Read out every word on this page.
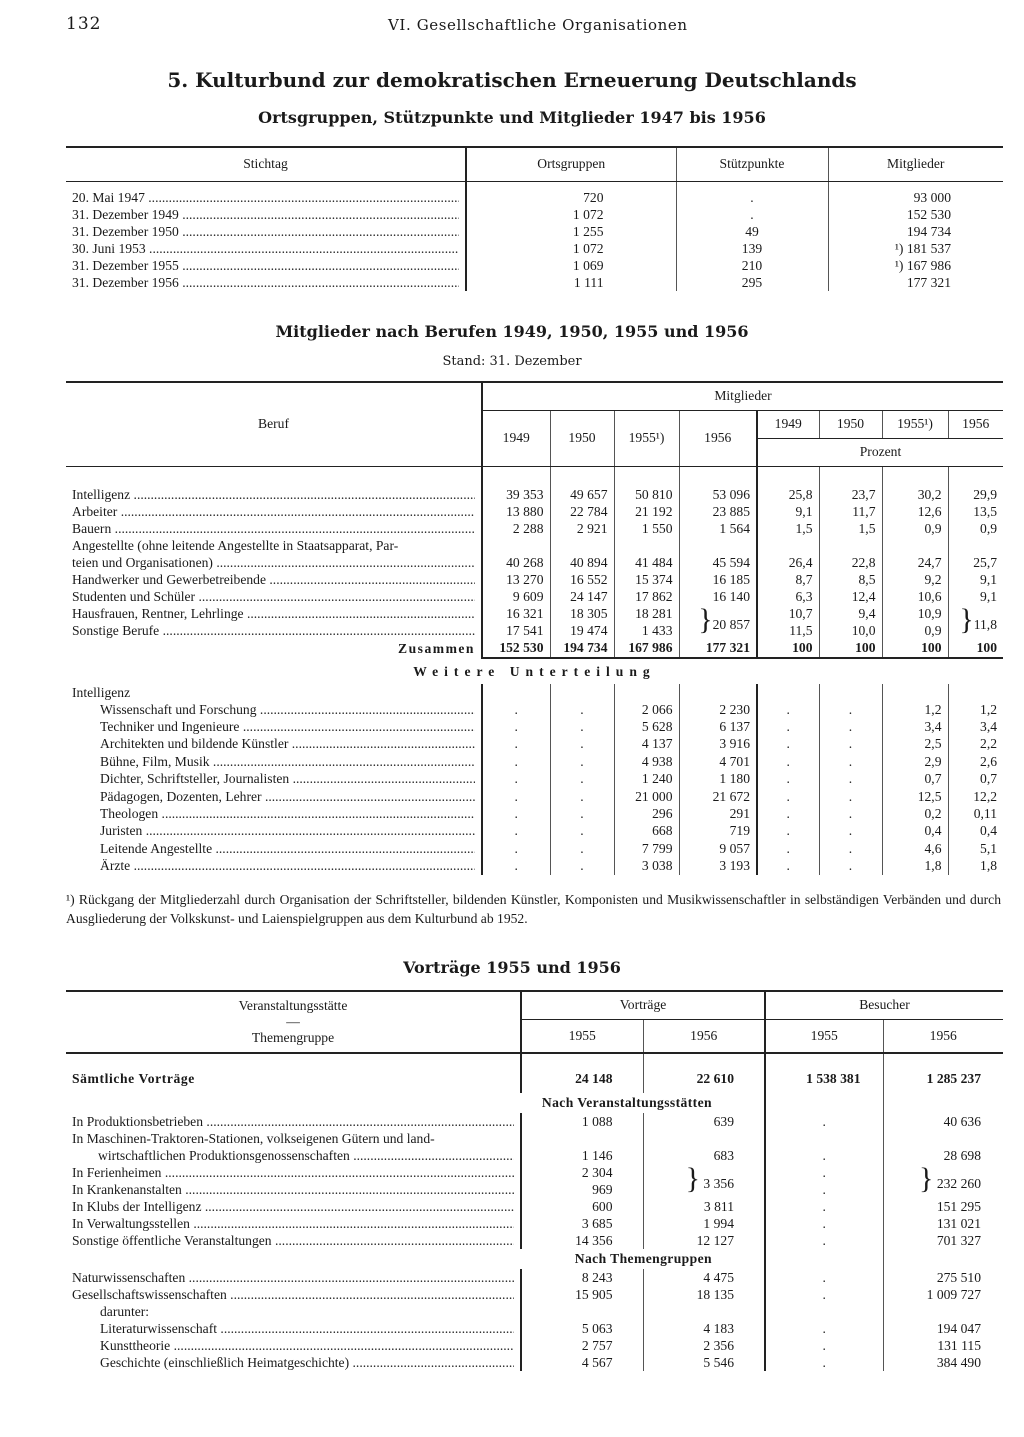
132	VI. Gesellschaftliche Organisationen
5. Kulturbund zur demokratischen Erneuerung Deutschlands
Ortsgruppen, Stützpunkte und Mitglieder 1947 bis 1956
Stichtag	Ortsgruppen	Stützpunkte	Mitglieder

20. Mai 1947 .....	720	.	93 000

31. Dezember 1949 .....	1 072	.	152 530

31. Dezember 1950 .....	1 255	49	194 734

30. Juni 1953 .....	1 072	139	¹) 181 537

31. Dezember 1955 .....	1 069	210	¹) 167 986

31. Dezember 1956 .....	1 111	295	177 321
Mitglieder nach Berufen 1949, 1950, 1955 und 1956
Stand: 31. Dezember
Beruf	Mitglieder							
	1949	1950	1955¹)	1956	1949	1950	1955¹)	1956
					Prozent			

Intelligenz .....	39 353	49 657	50 810	53 096	25,8	23,7	30,2	29,9

Arbeiter .....	13 880	22 784	21 192	23 885	9,1	11,7	12,6	13,5

Bauern .....	2 288	2 921	1 550	1 564	1,5	1,5	0,9	0,9

Angestellte (ohne leitende Angestellte in Staatsapparat, Par-								

teien und Organisationen) .....	40 268	40 894	41 484	45 594	26,4	22,8	24,7	25,7

Handwerker und Gewerbetreibende .....	13 270	16 552	15 374	16 185	8,7	8,5	9,2	9,1

Studenten und Schüler .....	9 609	24 147	17 862	16 140	6,3	12,4	10,6	9,1

Hausfrauen, Rentner, Lehrlinge .....	16 321	18 305	18 281	}20 857	10,7	9,4	10,9	}11,8

Sonstige Berufe .....	17 541	19 474	1 433		11,5	10,0	0,9	
Zusammen	152 530	194 734	167 986	177 321	100	100	100	100
Weitere Unterteilung								
Intelligenz								

Wissenschaft und Forschung .....	.	.	2 066	2 230	.	.	1,2	1,2

Techniker und Ingenieure .....	.	.	5 628	6 137	.	.	3,4	3,4

Architekten und bildende Künstler .....	.	.	4 137	3 916	.	.	2,5	2,2

Bühne, Film, Musik .....	.	.	4 938	4 701	.	.	2,9	2,6

Dichter, Schriftsteller, Journalisten .....	.	.	1 240	1 180	.	.	0,7	0,7

Pädagogen, Dozenten, Lehrer .....	.	.	21 000	21 672	.	.	12,5	12,2

Theologen .....	.	.	296	291	.	.	0,2	0,11

Juristen .....	.	.	668	719	.	.	0,4	0,4

Leitende Angestellte .....	.	.	7 799	9 057	.	.	4,6	5,1

Ärzte .....	.	.	3 038	3 193	.	.	1,8	1,8
¹) Rückgang der Mitgliederzahl durch Organisation der Schriftsteller, bildenden Künstler, Komponisten und Musikwissenschaftler in selbständigen Verbänden und durch Ausgliederung der Volkskunst- und Laienspielgruppen aus dem Kulturbund ab 1952.
Vorträge 1955 und 1956
Veranstaltungsstätte
—
Themengruppe	Vorträge		Besucher	
	1955	1956	1955	1956

Sämtliche Vorträge	24 148	22 610	1 538 381	1 285 237
Nach Veranstaltungsstätten				

In Produktionsbetrieben .....	1 088	639	.	40 636

In Maschinen-Traktoren-Stationen, volkseigenen Gütern und land-				

wirtschaftlichen Produktionsgenossenschaften .....	1 146	683	.	28 698

In Ferienheimen .....	2 304	} 3 356	.	} 232 260

In Krankenanstalten .....	969		.	

In Klubs der Intelligenz .....	600	3 811	.	151 295

In Verwaltungsstellen .....	3 685	1 994	.	131 021

Sonstige öffentliche Veranstaltungen .....	14 356	12 127	.	701 327
Nach Themengruppen				

Naturwissenschaften .....	8 243	4 475	.	275 510

Gesellschaftswissenschaften .....	15 905	18 135	.	1 009 727

darunter:				

Literaturwissenschaft .....	5 063	4 183	.	194 047

Kunsttheorie .....	2 757	2 356	.	131 115

Geschichte (einschließlich Heimatgeschichte) .....	4 567	5 546	.	384 490
